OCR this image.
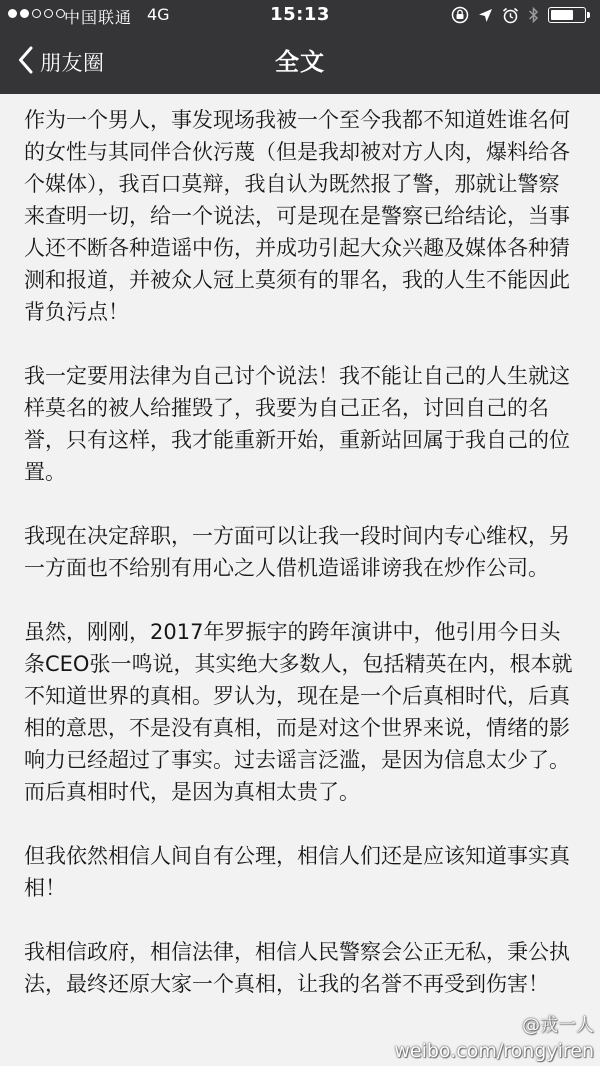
中国联通 4G	15:13
朋友圈	全文

作为一个男人，事发现场我被一个至今我都不知道姓谁名何的女性与其同伴合伙污蔑（但是我却被对方人肉，爆料给各个媒体），我百口莫辩，我自认为既然报了警，那就让警察来查明一切，给一个说法，可是现在是警察已给结论，当事人还不断各种造谣中伤，并成功引起大众兴趣及媒体各种猜测和报道，并被众人冠上莫须有的罪名，我的人生不能因此背负污点！

我一定要用法律为自己讨个说法！我不能让自己的人生就这样莫名的被人给摧毁了，我要为自己正名，讨回自己的名誉，只有这样，我才能重新开始，重新站回属于我自己的位置。

我现在决定辞职，一方面可以让我一段时间内专心维权，另一方面也不给别有用心之人借机造谣诽谤我在炒作公司。

虽然，刚刚，2017年罗振宇的跨年演讲中，他引用今日头条CEO张一鸣说，其实绝大多数人，包括精英在内，根本就不知道世界的真相。罗认为，现在是一个后真相时代，后真相的意思，不是没有真相，而是对这个世界来说，情绪的影响力已经超过了事实。过去谣言泛滥，是因为信息太少了。而后真相时代，是因为真相太贵了。

但我依然相信人间自有公理，相信人们还是应该知道事实真相！

我相信政府，相信法律，相信人民警察会公正无私，秉公执法，最终还原大家一个真相，让我的名誉不再受到伤害！

@戎一人
weibo.com/rongyiren
